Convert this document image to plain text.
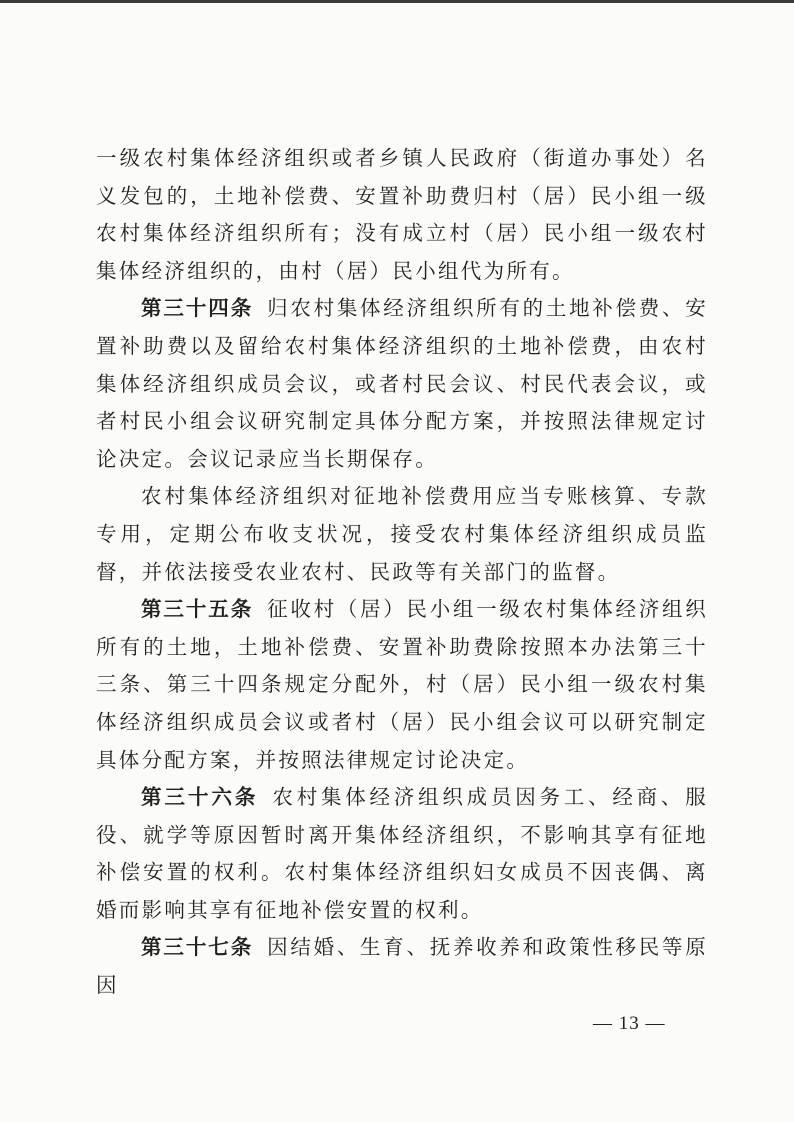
一级农村集体经济组织或者乡镇人民政府（街道办事处）名义发包的，土地补偿费、安置补助费归村（居）民小组一级农村集体经济组织所有；没有成立村（居）民小组一级农村集体经济组织的，由村（居）民小组代为所有。

第三十四条 归农村集体经济组织所有的土地补偿费、安置补助费以及留给农村集体经济组织的土地补偿费，由农村集体经济组织成员会议，或者村民会议、村民代表会议，或者村民小组会议研究制定具体分配方案，并按照法律规定讨论决定。会议记录应当长期保存。

农村集体经济组织对征地补偿费用应当专账核算、专款专用，定期公布收支状况，接受农村集体经济组织成员监督，并依法接受农业农村、民政等有关部门的监督。

第三十五条 征收村（居）民小组一级农村集体经济组织所有的土地，土地补偿费、安置补助费除按照本办法第三十三条、第三十四条规定分配外，村（居）民小组一级农村集体经济组织成员会议或者村（居）民小组会议可以研究制定具体分配方案，并按照法律规定讨论决定。

第三十六条 农村集体经济组织成员因务工、经商、服役、就学等原因暂时离开集体经济组织，不影响其享有征地补偿安置的权利。农村集体经济组织妇女成员不因丧偶、离婚而影响其享有征地补偿安置的权利。

第三十七条 因结婚、生育、抚养收养和政策性移民等原因

— 13 —
